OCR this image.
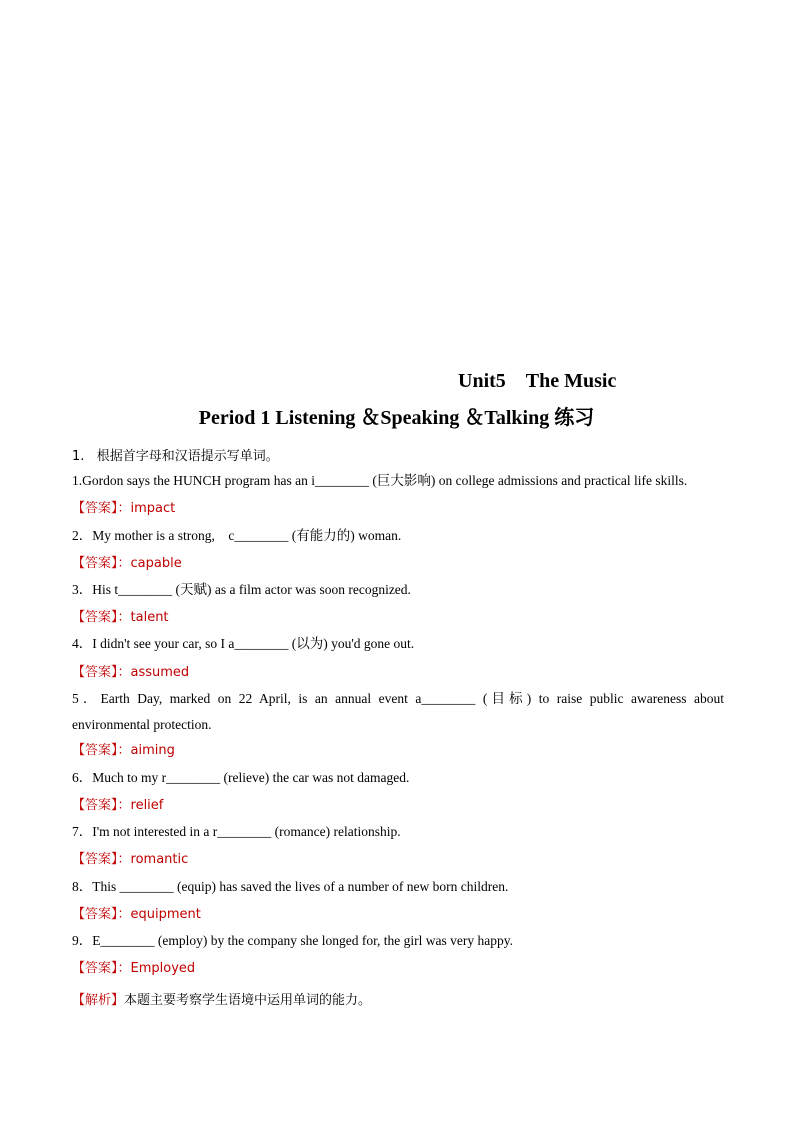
Unit5　The Music
Period 1 Listening ＆Speaking ＆Talking 练习
1.   根据首字母和汉语提示写单词。
1.Gordon says the HUNCH program has an i________ (巨大影响) on college admissions and practical life skills.
【答案】：impact
2．My mother is a strong,    c________ (有能力的) woman.
【答案】：capable
3．His t________ (天赋) as a film actor was soon recognized.
【答案】：talent
4．I didn't see your car, so I a________ (以为) you'd gone out.
【答案】：assumed
5．Earth Day, marked on 22 April, is an annual event a________ (目标) to raise public awareness about
environmental protection.
【答案】：aiming
6．Much to my r________ (relieve) the car was not damaged.
【答案】：relief
7．I'm not interested in a r________ (romance) relationship.
【答案】：romantic
8．This ________ (equip) has saved the lives of a number of new born children.
【答案】：equipment
9．E________ (employ) by the company she longed for, the girl was very happy.
【答案】：Employed
【解析】本题主要考察学生语境中运用单词的能力。
